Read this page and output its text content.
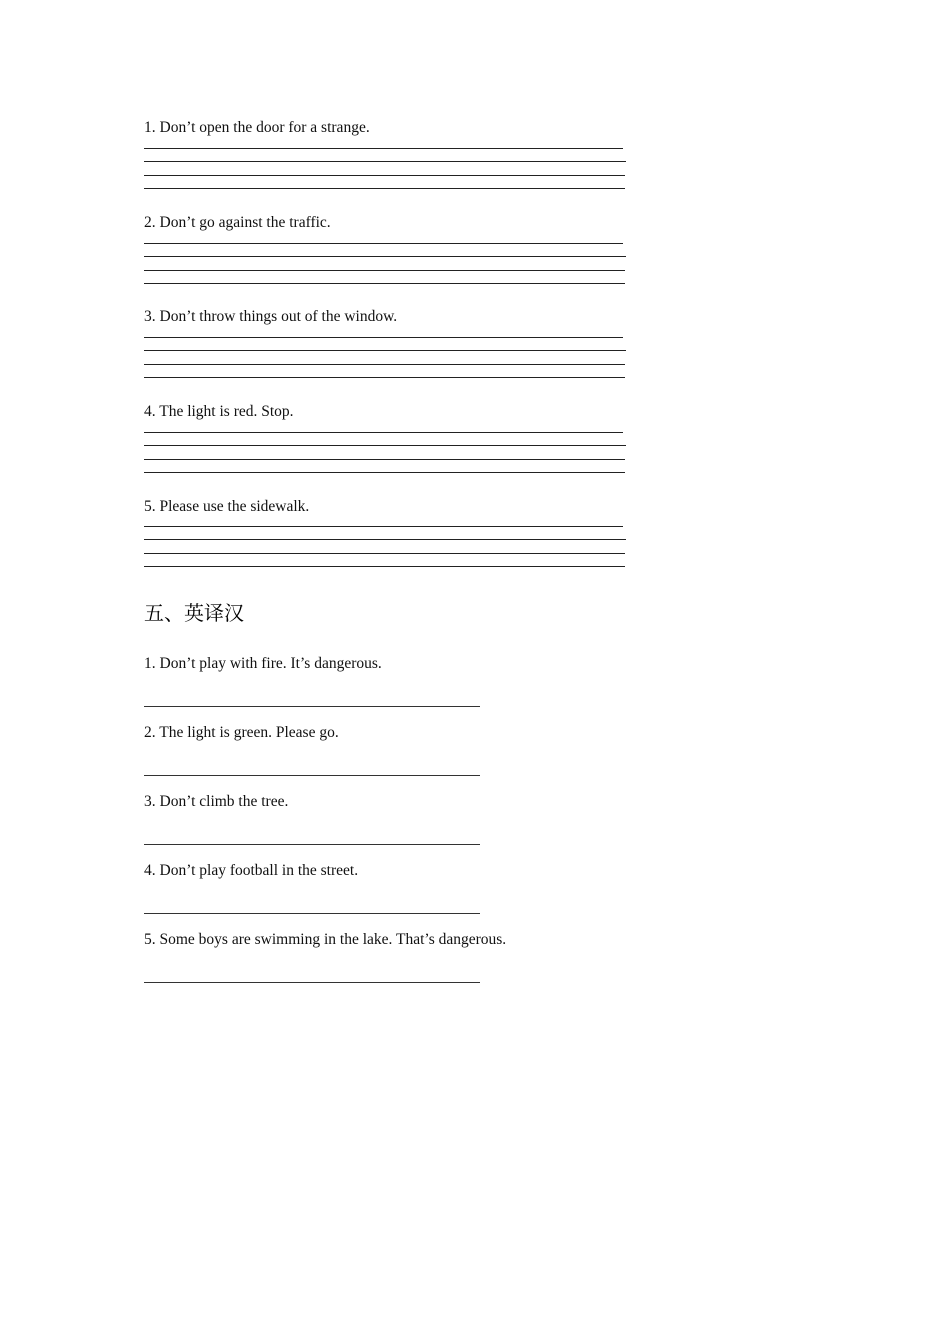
1. Don’t open the door for a strange.
2. Don’t go against the traffic.
3. Don’t throw things out of the window.
4. The light is red. Stop.
5. Please use the sidewalk.
五、英译汉
1. Don’t play with fire. It’s dangerous.
2. The light is green. Please go.
3. Don’t climb the tree.
4. Don’t play football in the street.
5. Some boys are swimming in the lake. That’s dangerous.
